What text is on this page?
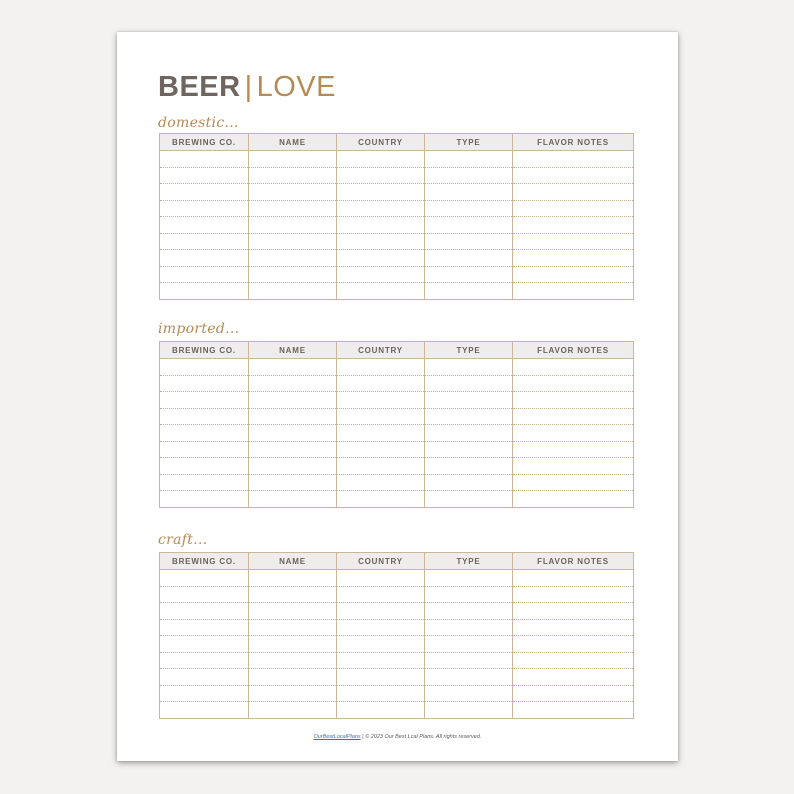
BEER | LOVE
domestic...
BREWING CO.	NAME	COUNTRY	TYPE	FLAVOR NOTES

imported...
BREWING CO.	NAME	COUNTRY	TYPE	FLAVOR NOTES

craft...
BREWING CO.	NAME	COUNTRY	TYPE	FLAVOR NOTES

OurBestLocalPlans | © 2023 Our Best Lcal Plans. All rights reserved.
